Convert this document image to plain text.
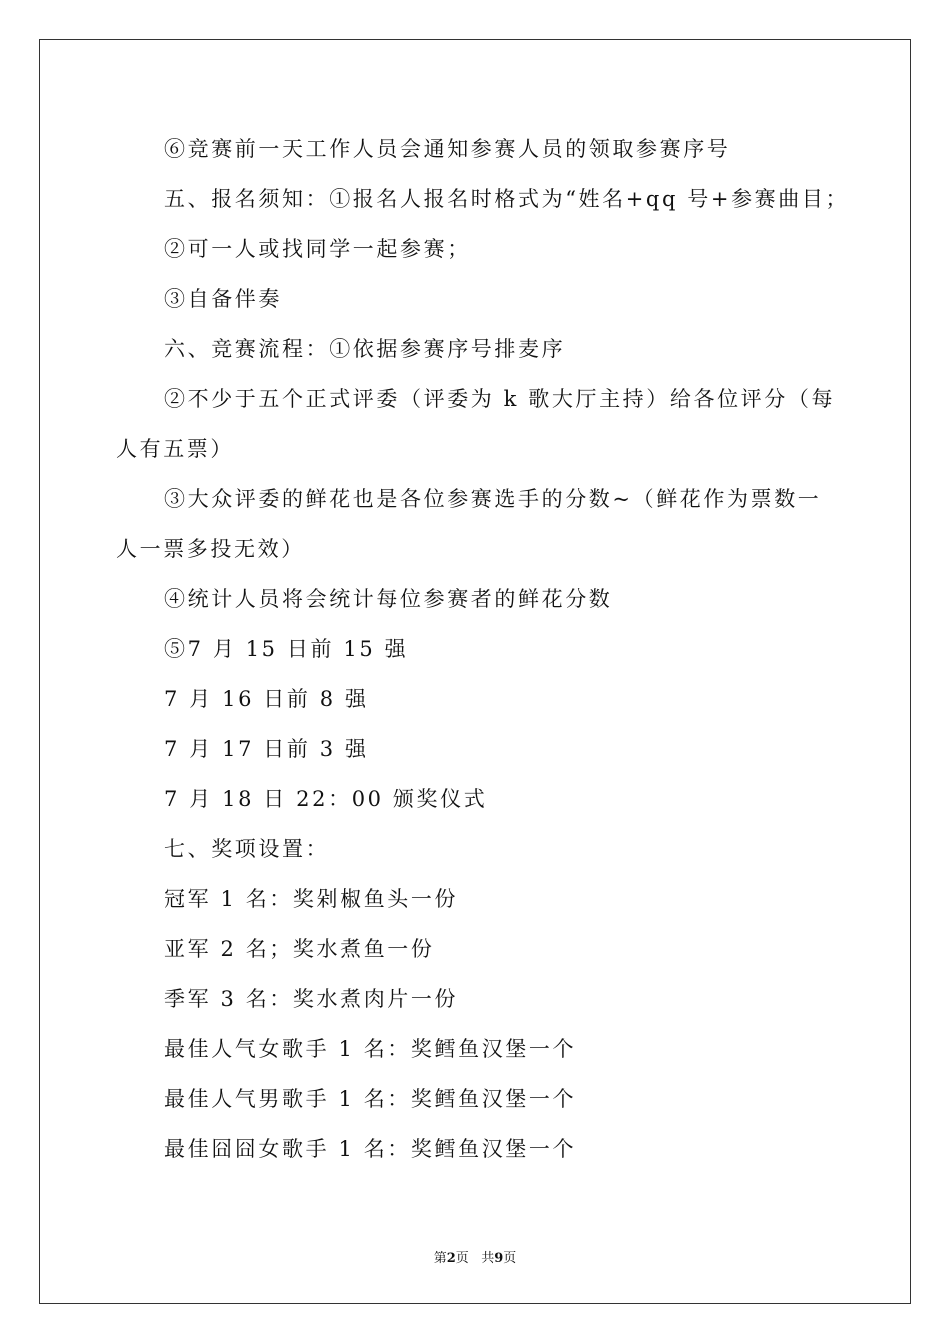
⑥竞赛前一天工作人员会通知参赛人员的领取参赛序号
五、报名须知：①报名人报名时格式为“姓名+qq 号+参赛曲目；
②可一人或找同学一起参赛；
③自备伴奏
六、竞赛流程：①依据参赛序号排麦序
②不少于五个正式评委（评委为 k 歌大厅主持）给各位评分（每
人有五票）
③大众评委的鲜花也是各位参赛选手的分数~（鲜花作为票数一
人一票多投无效）
④统计人员将会统计每位参赛者的鲜花分数
⑤7 月 15 日前 15 强
7 月 16 日前 8 强
7 月 17 日前 3 强
7 月 18 日 22：00 颁奖仪式
七、奖项设置：
冠军 1 名：奖剁椒鱼头一份
亚军 2 名；奖水煮鱼一份
季军 3 名：奖水煮肉片一份
最佳人气女歌手 1 名：奖鳕鱼汉堡一个
最佳人气男歌手 1 名：奖鳕鱼汉堡一个
最佳囧囧女歌手 1 名：奖鳕鱼汉堡一个
第2页 共9页
